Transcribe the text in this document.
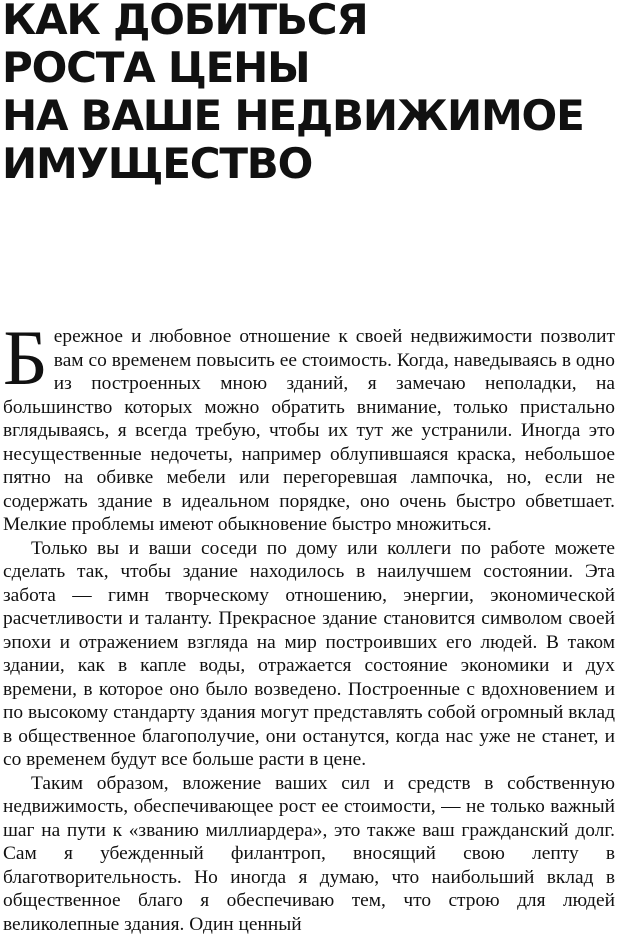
КАК ДОБИТЬСЯ
РОСТА ЦЕНЫ
НА ВАШЕ НЕДВИЖИМОЕ
ИМУЩЕСТВО

Бережное и любовное отношение к своей недвижимости позволит вам со временем повысить ее стоимость. Когда, наведываясь в одно из построенных мною зданий, я замечаю неполадки, на большинство которых можно обратить внимание, только пристально вглядываясь, я всегда требую, чтобы их тут же устранили. Иногда это несущественные недочеты, например облупившаяся краска, небольшое пятно на обивке мебели или перегоревшая лампочка, но, если не содержать здание в идеальном порядке, оно очень быстро обветшает. Мелкие проблемы имеют обыкновение быстро множиться.

Только вы и ваши соседи по дому или коллеги по работе можете сделать так, чтобы здание находилось в наилучшем состоянии. Эта забота — гимн творческому отношению, энергии, экономической расчетливости и таланту. Прекрасное здание становится символом своей эпохи и отражением взгляда на мир построивших его людей. В таком здании, как в капле воды, отражается состояние экономики и дух времени, в которое оно было возведено. Построенные с вдохновением и по высокому стандарту здания могут представлять собой огромный вклад в общественное благополучие, они останутся, когда нас уже не станет, и со временем будут все больше расти в цене.

Таким образом, вложение ваших сил и средств в собственную недвижимость, обеспечивающее рост ее стоимости, — не только важный шаг на пути к «званию миллиардера», это также ваш гражданский долг. Сам я убежденный филантроп, вносящий свою лепту в благотворительность. Но иногда я думаю, что наибольший вклад в общественное благо я обеспечиваю тем, что строю для людей великолепные здания. Один ценный
